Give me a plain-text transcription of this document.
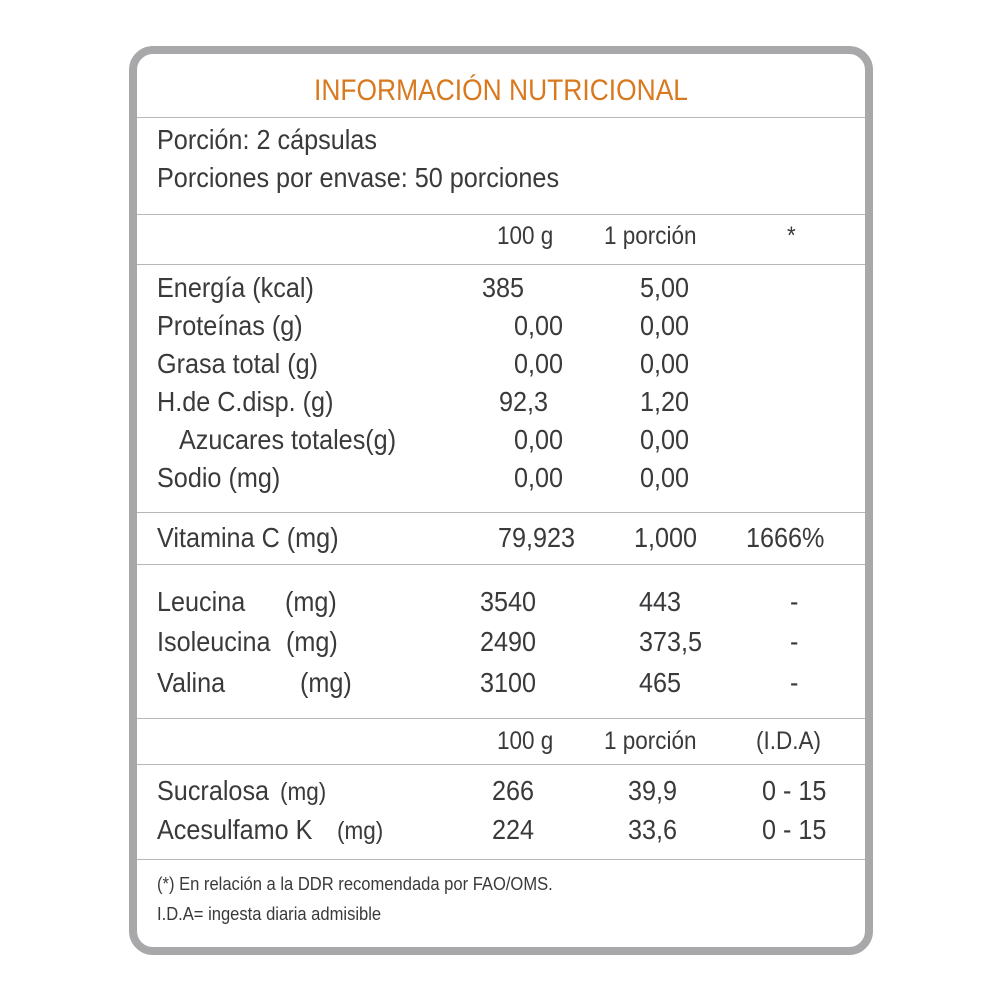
INFORMACIÓN NUTRICIONAL
Porción: 2 cápsulas
Porciones por envase: 50 porciones
100 g 1 porción	*
Energía (kcal)	385	5,00
Proteínas (g)	0,00	0,00
Grasa total (g)	0,00	0,00
H.de C.disp. (g)	92,3	1,20
Azucares totales(g)	0,00	0,00
Sodio (mg)	0,00	0,00
Vitamina C (mg)	79,923 1,000 1666%
Leucina (mg)	3540	443	-
Isoleucina (mg)	2490	373,5	-
Valina	(mg)	3100	465	-
100 g 1 porción (I.D.A)
Sucralosa (mg)	266	39,9	0 - 15
Acesulfamo K (mg)	224	33,6	0 - 15
(*) En relación a la DDR recomendada por FAO/OMS.
I.D.A= ingesta diaria admisible
